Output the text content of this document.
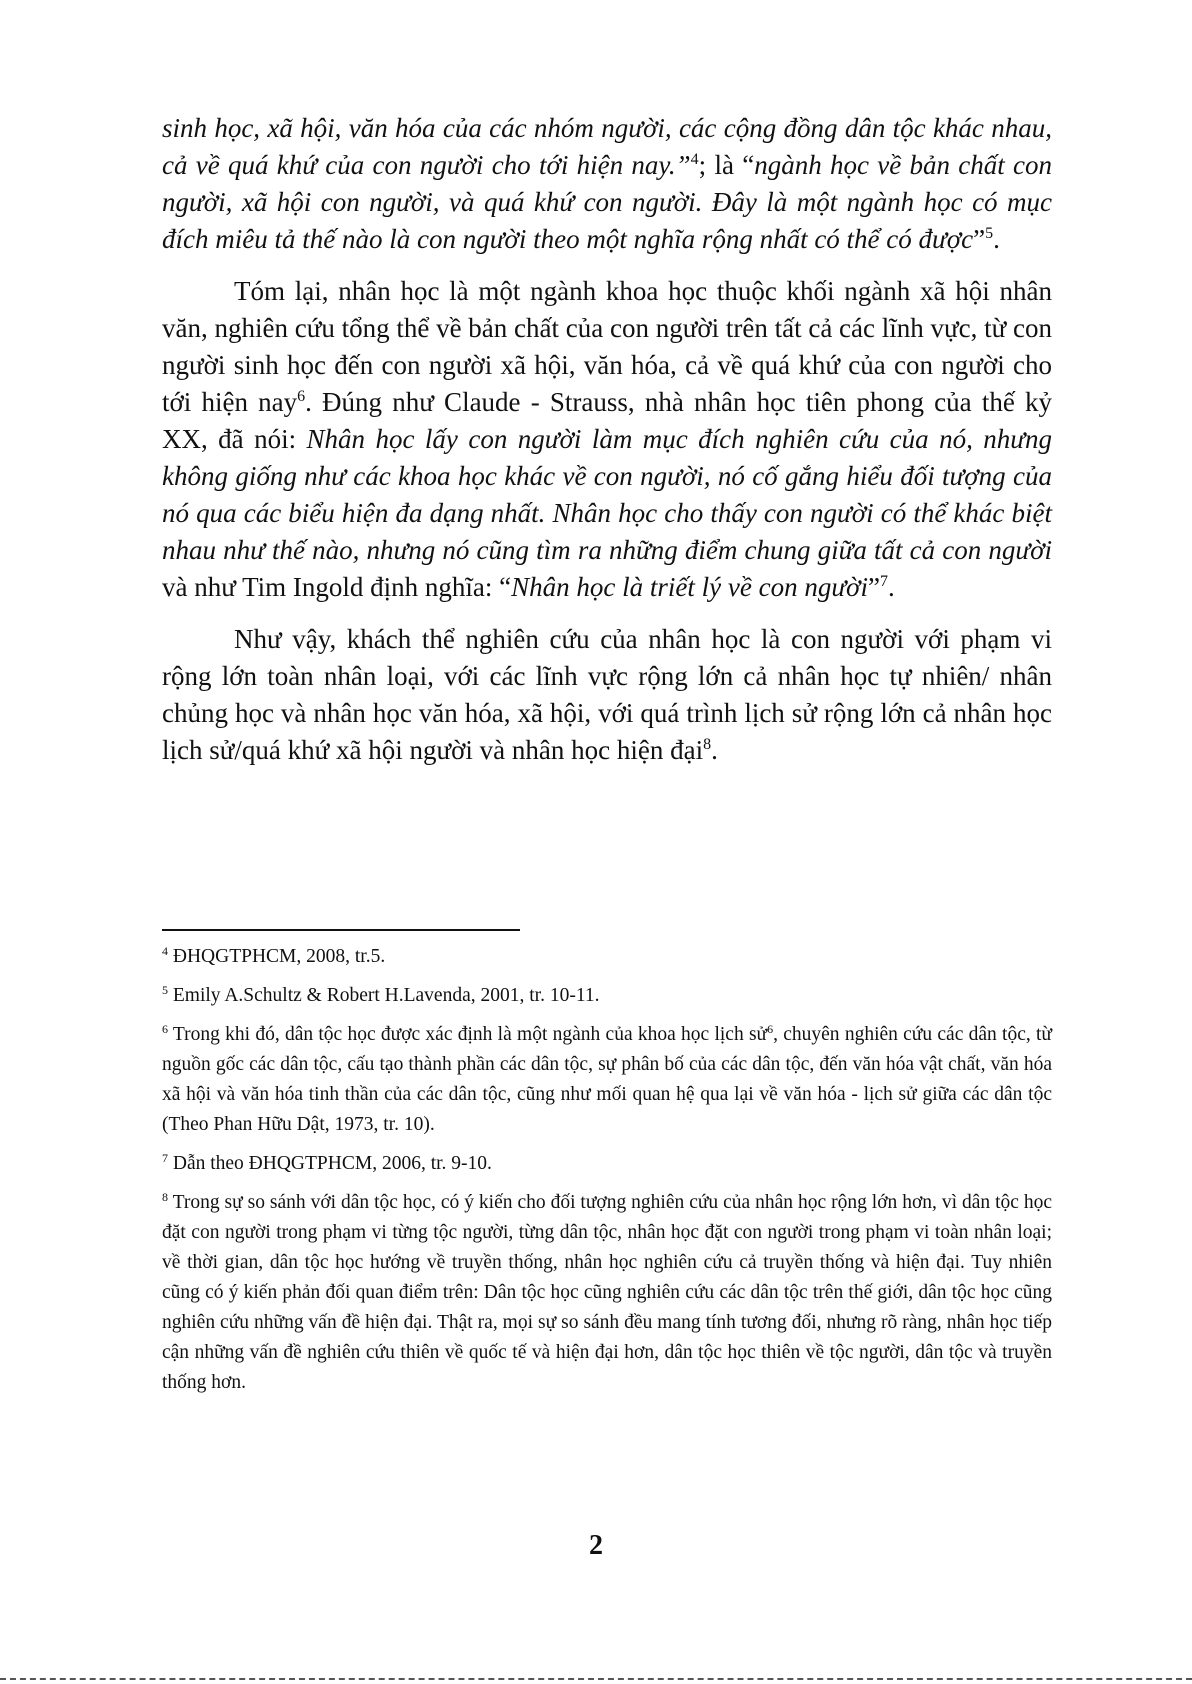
sinh học, xã hội, văn hóa của các nhóm người, các cộng đồng dân tộc khác nhau, cả về quá khứ của con người cho tới hiện nay.”$^4$; là “ngành học về bản chất con người, xã hội con người, và quá khứ con người. Đây là một ngành học có mục đích miêu tả thế nào là con người theo một nghĩa rộng nhất có thể có được”$^5$.

Tóm lại, nhân học là một ngành khoa học thuộc khối ngành xã hội nhân văn, nghiên cứu tổng thể về bản chất của con người trên tất cả các lĩnh vực, từ con người sinh học đến con người xã hội, văn hóa, cả về quá khứ của con người cho tới hiện nay$^6$. Đúng như Claude - Strauss, nhà nhân học tiên phong của thế kỷ XX, đã nói: Nhân học lấy con người làm mục đích nghiên cứu của nó, nhưng không giống như các khoa học khác về con người, nó cố gắng hiểu đối tượng của nó qua các biểu hiện đa dạng nhất. Nhân học cho thấy con người có thể khác biệt nhau như thế nào, nhưng nó cũng tìm ra những điểm chung giữa tất cả con người và như Tim Ingold định nghĩa: “Nhân học là triết lý về con người”$^7$.

Như vậy, khách thể nghiên cứu của nhân học là con người với phạm vi rộng lớn toàn nhân loại, với các lĩnh vực rộng lớn cả nhân học tự nhiên/ nhân chủng học và nhân học văn hóa, xã hội, với quá trình lịch sử rộng lớn cả nhân học lịch sử/quá khứ xã hội người và nhân học hiện đại$^8$.

$^4$ ĐHQGTPHCM, 2008, tr.5.

$^5$ Emily A.Schultz & Robert H.Lavenda, 2001, tr. 10-11.

$^6$ Trong khi đó, dân tộc học được xác định là một ngành của khoa học lịch sử$^6$, chuyên nghiên cứu các dân tộc, từ nguồn gốc các dân tộc, cấu tạo thành phần các dân tộc, sự phân bố của các dân tộc, đến văn hóa vật chất, văn hóa xã hội và văn hóa tinh thần của các dân tộc, cũng như mối quan hệ qua lại về văn hóa - lịch sử giữa các dân tộc (Theo Phan Hữu Dật, 1973, tr. 10).

$^7$ Dẫn theo ĐHQGTPHCM, 2006, tr. 9-10.

$^8$ Trong sự so sánh với dân tộc học, có ý kiến cho đối tượng nghiên cứu của nhân học rộng lớn hơn, vì dân tộc học đặt con người trong phạm vi từng tộc người, từng dân tộc, nhân học đặt con người trong phạm vi toàn nhân loại; về thời gian, dân tộc học hướng về truyền thống, nhân học nghiên cứu cả truyền thống và hiện đại. Tuy nhiên cũng có ý kiến phản đối quan điểm trên: Dân tộc học cũng nghiên cứu các dân tộc trên thế giới, dân tộc học cũng nghiên cứu những vấn đề hiện đại. Thật ra, mọi sự so sánh đều mang tính tương đối, nhưng rõ ràng, nhân học tiếp cận những vấn đề nghiên cứu thiên về quốc tế và hiện đại hơn, dân tộc học thiên về tộc người, dân tộc và truyền thống hơn.

2
